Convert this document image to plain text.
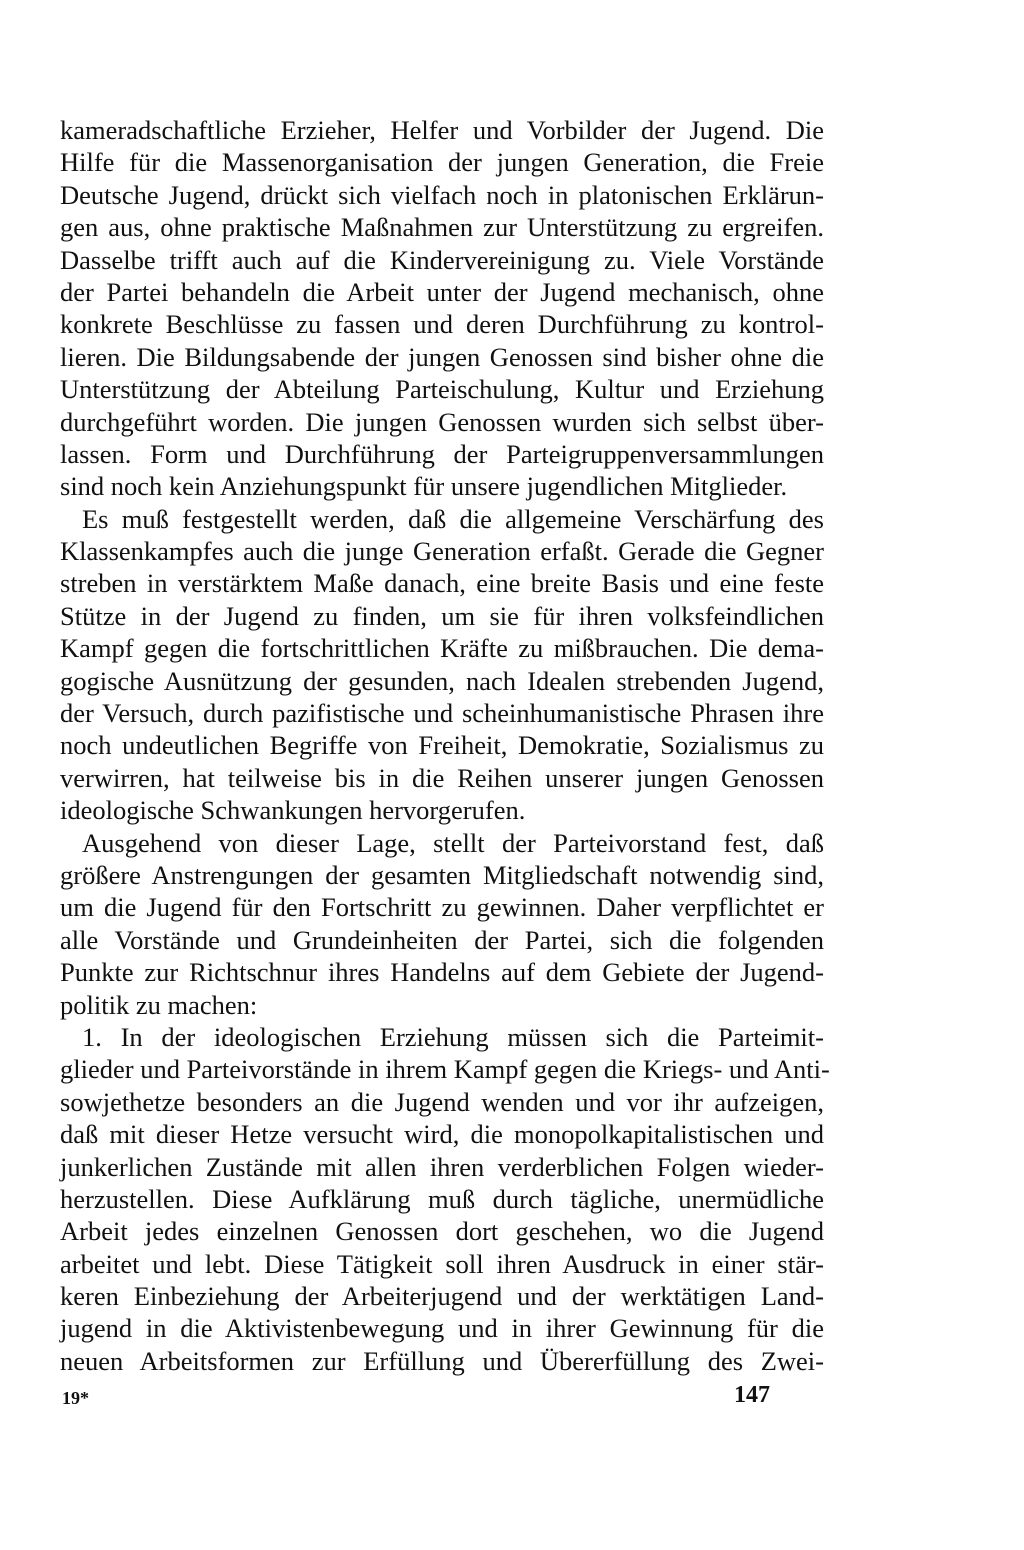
kameradschaftliche Erzieher, Helfer und Vorbilder der Jugend. Die
Hilfe für die Massenorganisation der jungen Generation, die Freie
Deutsche Jugend, drückt sich vielfach noch in platonischen Erklärun-
gen aus, ohne praktische Maßnahmen zur Unterstützung zu ergreifen.
Dasselbe trifft auch auf die Kindervereinigung zu. Viele Vorstände
der Partei behandeln die Arbeit unter der Jugend mechanisch, ohne
konkrete Beschlüsse zu fassen und deren Durchführung zu kontrol-
lieren. Die Bildungsabende der jungen Genossen sind bisher ohne die
Unterstützung der Abteilung Parteischulung, Kultur und Erziehung
durchgeführt worden. Die jungen Genossen wurden sich selbst über-
lassen. Form und Durchführung der Parteigruppenversammlungen
sind noch kein Anziehungspunkt für unsere jugendlichen Mitglieder.
Es muß festgestellt werden, daß die allgemeine Verschärfung des
Klassenkampfes auch die junge Generation erfaßt. Gerade die Gegner
streben in verstärktem Maße danach, eine breite Basis und eine feste
Stütze in der Jugend zu finden, um sie für ihren volksfeindlichen
Kampf gegen die fortschrittlichen Kräfte zu mißbrauchen. Die dema-
gogische Ausnützung der gesunden, nach Idealen strebenden Jugend,
der Versuch, durch pazifistische und scheinhumanistische Phrasen ihre
noch undeutlichen Begriffe von Freiheit, Demokratie, Sozialismus zu
verwirren, hat teilweise bis in die Reihen unserer jungen Genossen
ideologische Schwankungen hervorgerufen.
Ausgehend von dieser Lage, stellt der Parteivorstand fest, daß
größere Anstrengungen der gesamten Mitgliedschaft notwendig sind,
um die Jugend für den Fortschritt zu gewinnen. Daher verpflichtet er
alle Vorstände und Grundeinheiten der Partei, sich die folgenden
Punkte zur Richtschnur ihres Handelns auf dem Gebiete der Jugend-
politik zu machen:
1. In der ideologischen Erziehung müssen sich die Parteimit-
glieder und Parteivorstände in ihrem Kampf gegen die Kriegs- und Anti-
sowjethetze besonders an die Jugend wenden und vor ihr aufzeigen,
daß mit dieser Hetze versucht wird, die monopolkapitalistischen und
junkerlichen Zustände mit allen ihren verderblichen Folgen wieder-
herzustellen. Diese Aufklärung muß durch tägliche, unermüdliche
Arbeit jedes einzelnen Genossen dort geschehen, wo die Jugend
arbeitet und lebt. Diese Tätigkeit soll ihren Ausdruck in einer stär-
keren Einbeziehung der Arbeiterjugend und der werktätigen Land-
jugend in die Aktivistenbewegung und in ihrer Gewinnung für die
neuen Arbeitsformen zur Erfüllung und Übererfüllung des Zwei-
19*	147
